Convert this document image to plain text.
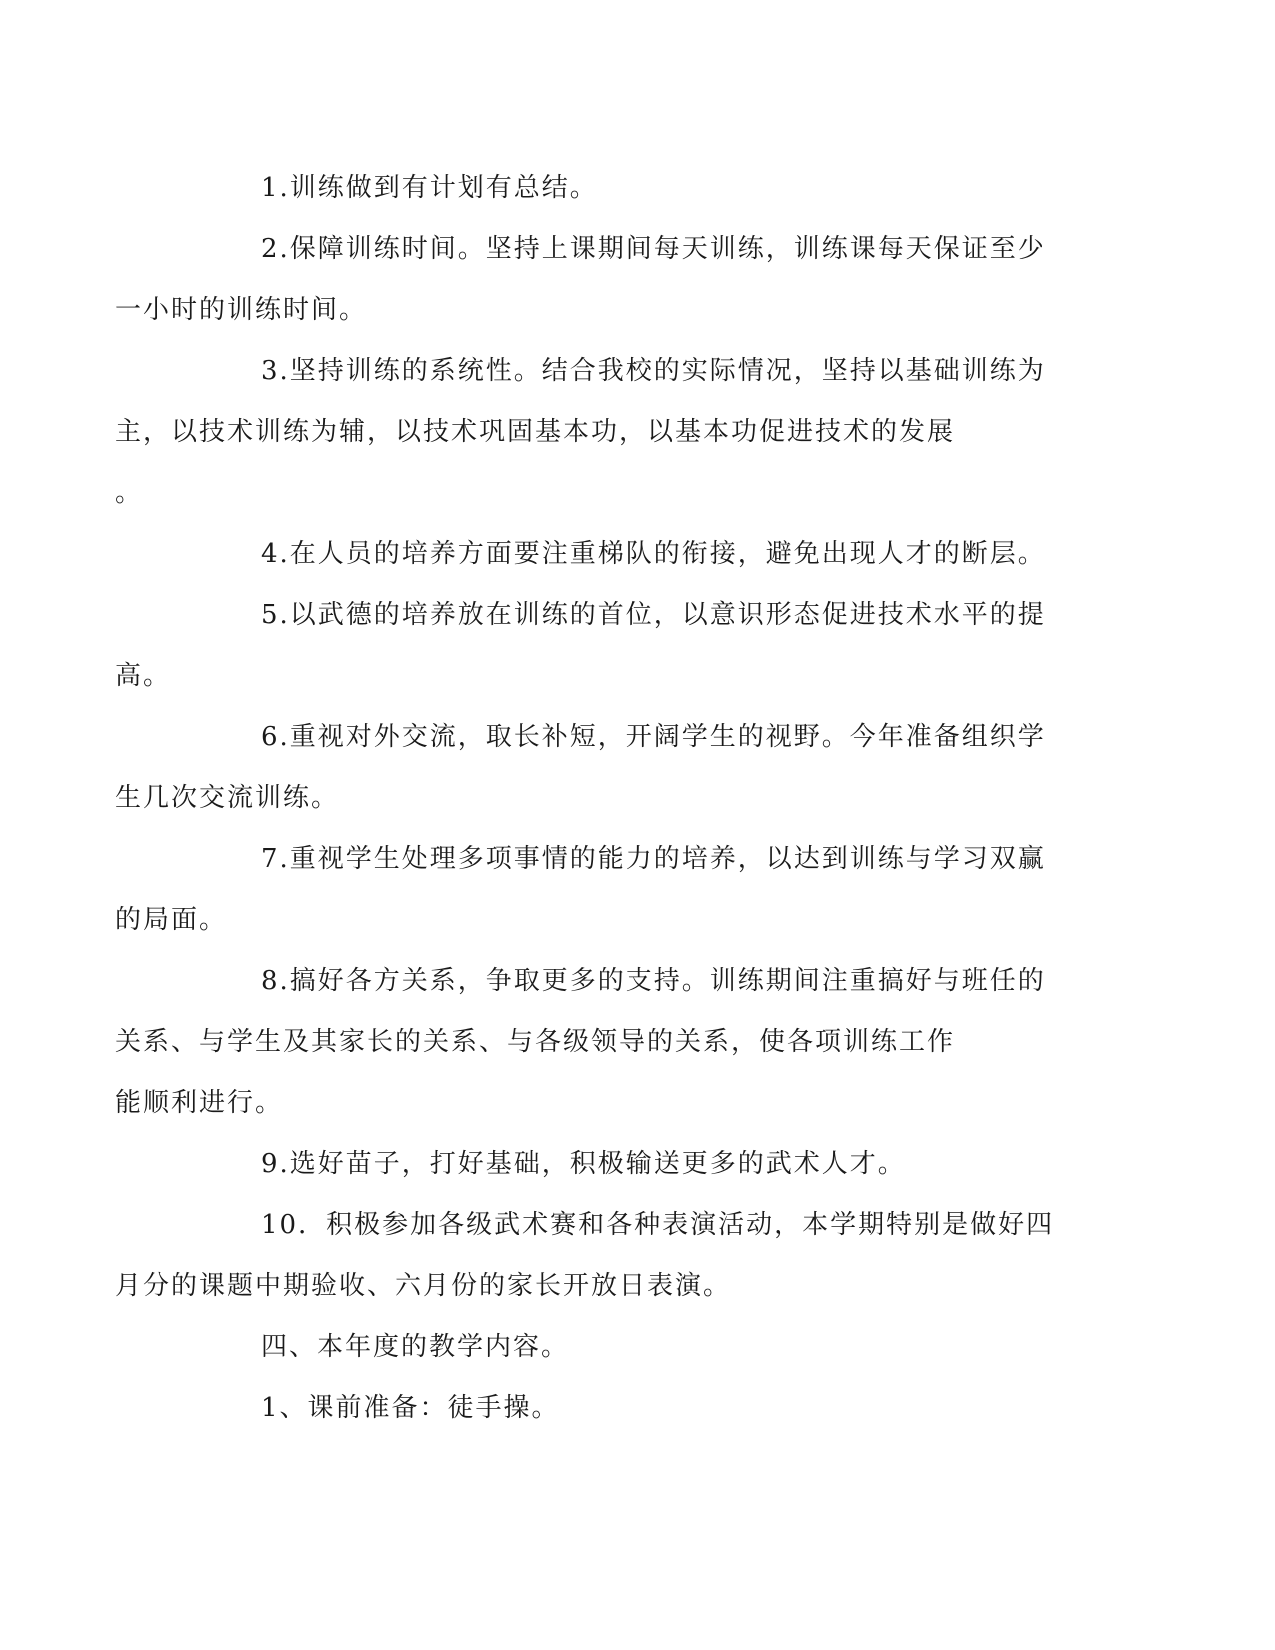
1.训练做到有计划有总结。

2.保障训练时间。坚持上课期间每天训练，训练课每天保证至少
一小时的训练时间。

3.坚持训练的系统性。结合我校的实际情况，坚持以基础训练为
主，以技术训练为辅，以技术巩固基本功，以基本功促进技术的发展
。

4.在人员的培养方面要注重梯队的衔接，避免出现人才的断层。

5.以武德的培养放在训练的首位，以意识形态促进技术水平的提
高。

6.重视对外交流，取长补短，开阔学生的视野。今年准备组织学
生几次交流训练。

7.重视学生处理多项事情的能力的培养，以达到训练与学习双赢
的局面。

8.搞好各方关系，争取更多的支持。训练期间注重搞好与班任的
关系、与学生及其家长的关系、与各级领导的关系，使各项训练工作
能顺利进行。

9.选好苗子，打好基础，积极输送更多的武术人才。

10．积极参加各级武术赛和各种表演活动，本学期特别是做好四
月分的课题中期验收、六月份的家长开放日表演。

四、本年度的教学内容。

1、课前准备：徒手操。
